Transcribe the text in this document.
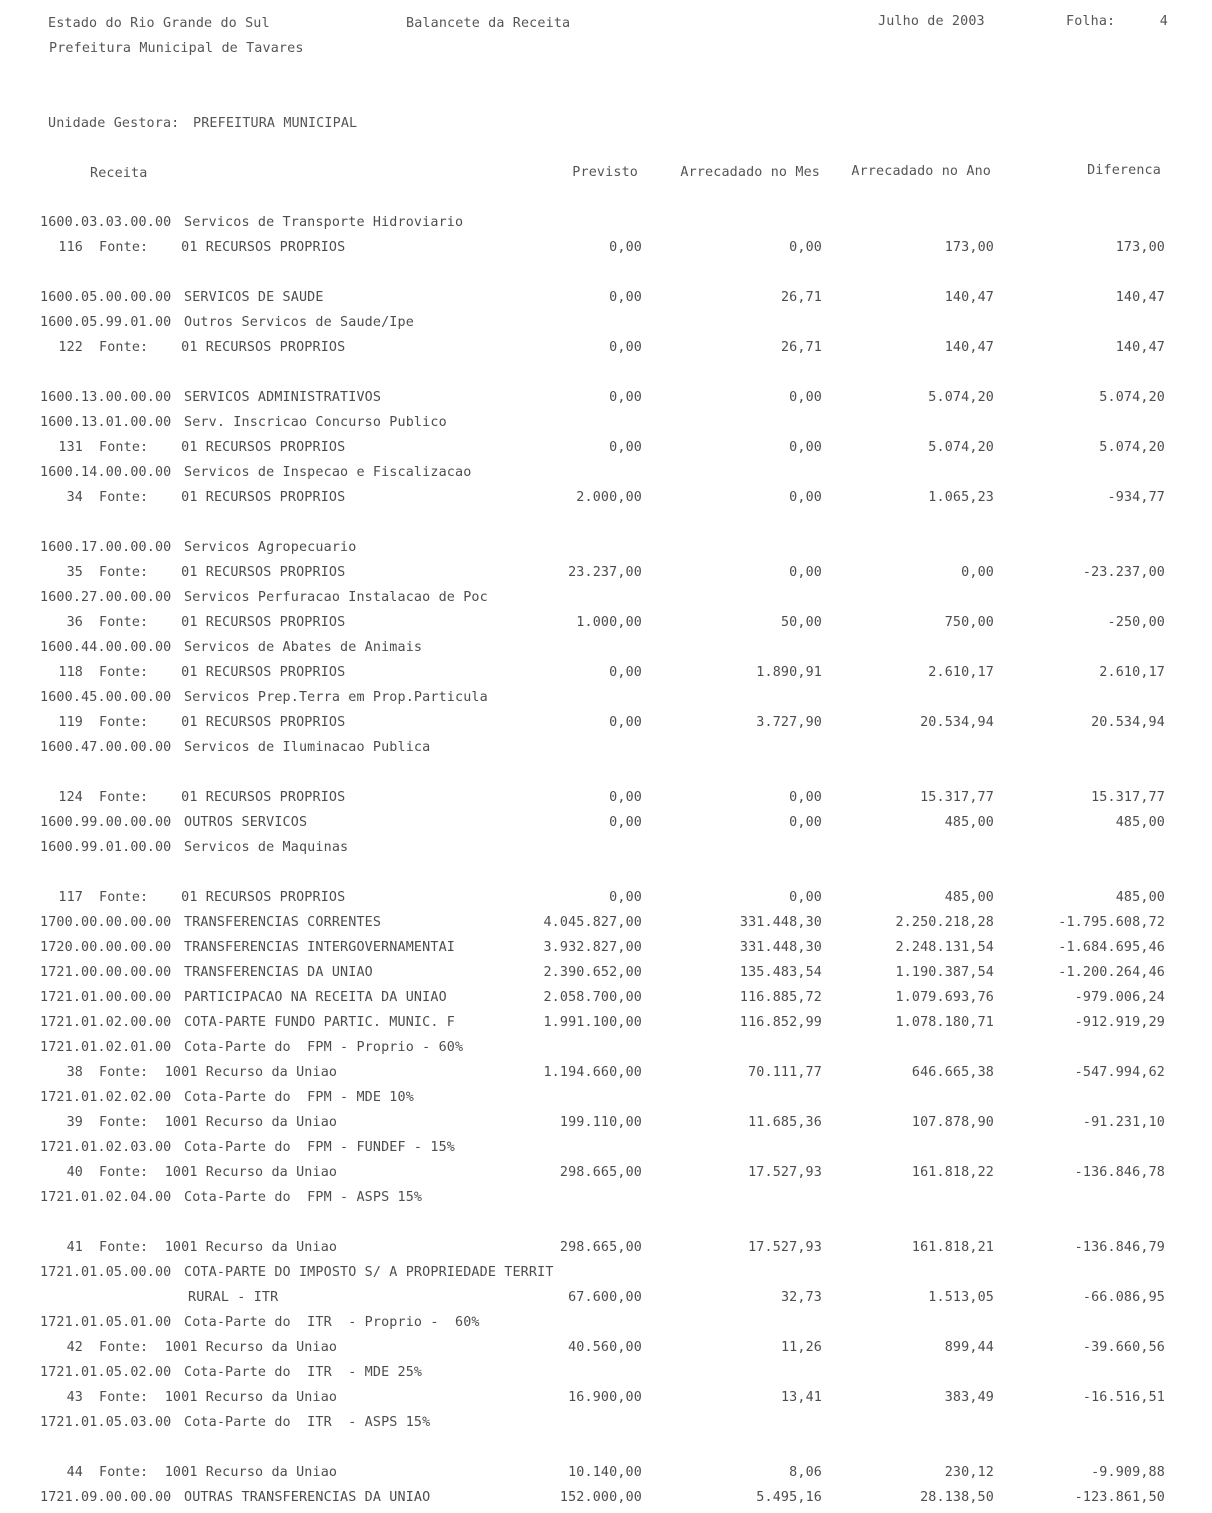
Estado do Rio Grande do Sul	Balancete da Receita	Julho de 2003	Folha:	4
Prefeitura Municipal de Tavares
Unidade Gestora: PREFEITURA MUNICIPAL
Receita	Previsto	Arrecadado no Mes	Arrecadado no Ano	Diferenca
1600.03.03.00.00 Servicos de Transporte Hidroviario
116 Fonte:    01 RECURSOS PROPRIOS	0,00	0,00	173,00	173,00
1600.05.00.00.00 SERVICOS DE SAUDE	0,00	26,71	140,47	140,47
1600.05.99.01.00 Outros Servicos de Saude/Ipe
122 Fonte:    01 RECURSOS PROPRIOS	0,00	26,71	140,47	140,47
1600.13.00.00.00 SERVICOS ADMINISTRATIVOS	0,00	0,00	5.074,20	5.074,20
1600.13.01.00.00 Serv. Inscricao Concurso Publico
131 Fonte:    01 RECURSOS PROPRIOS	0,00	0,00	5.074,20	5.074,20
1600.14.00.00.00 Servicos de Inspecao e Fiscalizacao
34 Fonte:    01 RECURSOS PROPRIOS	2.000,00	0,00	1.065,23	-934,77
1600.17.00.00.00 Servicos Agropecuario
35 Fonte:    01 RECURSOS PROPRIOS	23.237,00	0,00	0,00	-23.237,00
1600.27.00.00.00 Servicos Perfuracao Instalacao de Poc
36 Fonte:    01 RECURSOS PROPRIOS	1.000,00	50,00	750,00	-250,00
1600.44.00.00.00 Servicos de Abates de Animais
118 Fonte:    01 RECURSOS PROPRIOS	0,00	1.890,91	2.610,17	2.610,17
1600.45.00.00.00 Servicos Prep.Terra em Prop.Particula
119 Fonte:    01 RECURSOS PROPRIOS	0,00	3.727,90	20.534,94	20.534,94
1600.47.00.00.00 Servicos de Iluminacao Publica
124 Fonte:    01 RECURSOS PROPRIOS	0,00	0,00	15.317,77	15.317,77
1600.99.00.00.00 OUTROS SERVICOS	0,00	0,00	485,00	485,00
1600.99.01.00.00 Servicos de Maquinas
117 Fonte:    01 RECURSOS PROPRIOS	0,00	0,00	485,00	485,00
1700.00.00.00.00 TRANSFERENCIAS CORRENTES	4.045.827,00	331.448,30	2.250.218,28	-1.795.608,72
1720.00.00.00.00 TRANSFERENCIAS INTERGOVERNAMENTAI	3.932.827,00	331.448,30	2.248.131,54	-1.684.695,46
1721.00.00.00.00 TRANSFERENCIAS DA UNIAO	2.390.652,00	135.483,54	1.190.387,54	-1.200.264,46
1721.01.00.00.00 PARTICIPACAO NA RECEITA DA UNIAO	2.058.700,00	116.885,72	1.079.693,76	-979.006,24
1721.01.02.00.00 COTA-PARTE FUNDO PARTIC. MUNIC. F	1.991.100,00	116.852,99	1.078.180,71	-912.919,29
1721.01.02.01.00 Cota-Parte do  FPM - Proprio - 60%
38 Fonte:  1001 Recurso da Uniao	1.194.660,00	70.111,77	646.665,38	-547.994,62
1721.01.02.02.00 Cota-Parte do  FPM - MDE 10%
39 Fonte:  1001 Recurso da Uniao	199.110,00	11.685,36	107.878,90	-91.231,10
1721.01.02.03.00 Cota-Parte do  FPM - FUNDEF - 15%
40 Fonte:  1001 Recurso da Uniao	298.665,00	17.527,93	161.818,22	-136.846,78
1721.01.02.04.00 Cota-Parte do  FPM - ASPS 15%
41 Fonte:  1001 Recurso da Uniao	298.665,00	17.527,93	161.818,21	-136.846,79
1721.01.05.00.00 COTA-PARTE DO IMPOSTO S/ A PROPRIEDADE TERRIT
RURAL - ITR	67.600,00	32,73	1.513,05	-66.086,95
1721.01.05.01.00 Cota-Parte do  ITR  - Proprio -  60%
42 Fonte:  1001 Recurso da Uniao	40.560,00	11,26	899,44	-39.660,56
1721.01.05.02.00 Cota-Parte do  ITR  - MDE 25%
43 Fonte:  1001 Recurso da Uniao	16.900,00	13,41	383,49	-16.516,51
1721.01.05.03.00 Cota-Parte do  ITR  - ASPS 15%
44 Fonte:  1001 Recurso da Uniao	10.140,00	8,06	230,12	-9.909,88
1721.09.00.00.00 OUTRAS TRANSFERENCIAS DA UNIAO	152.000,00	5.495,16	28.138,50	-123.861,50
